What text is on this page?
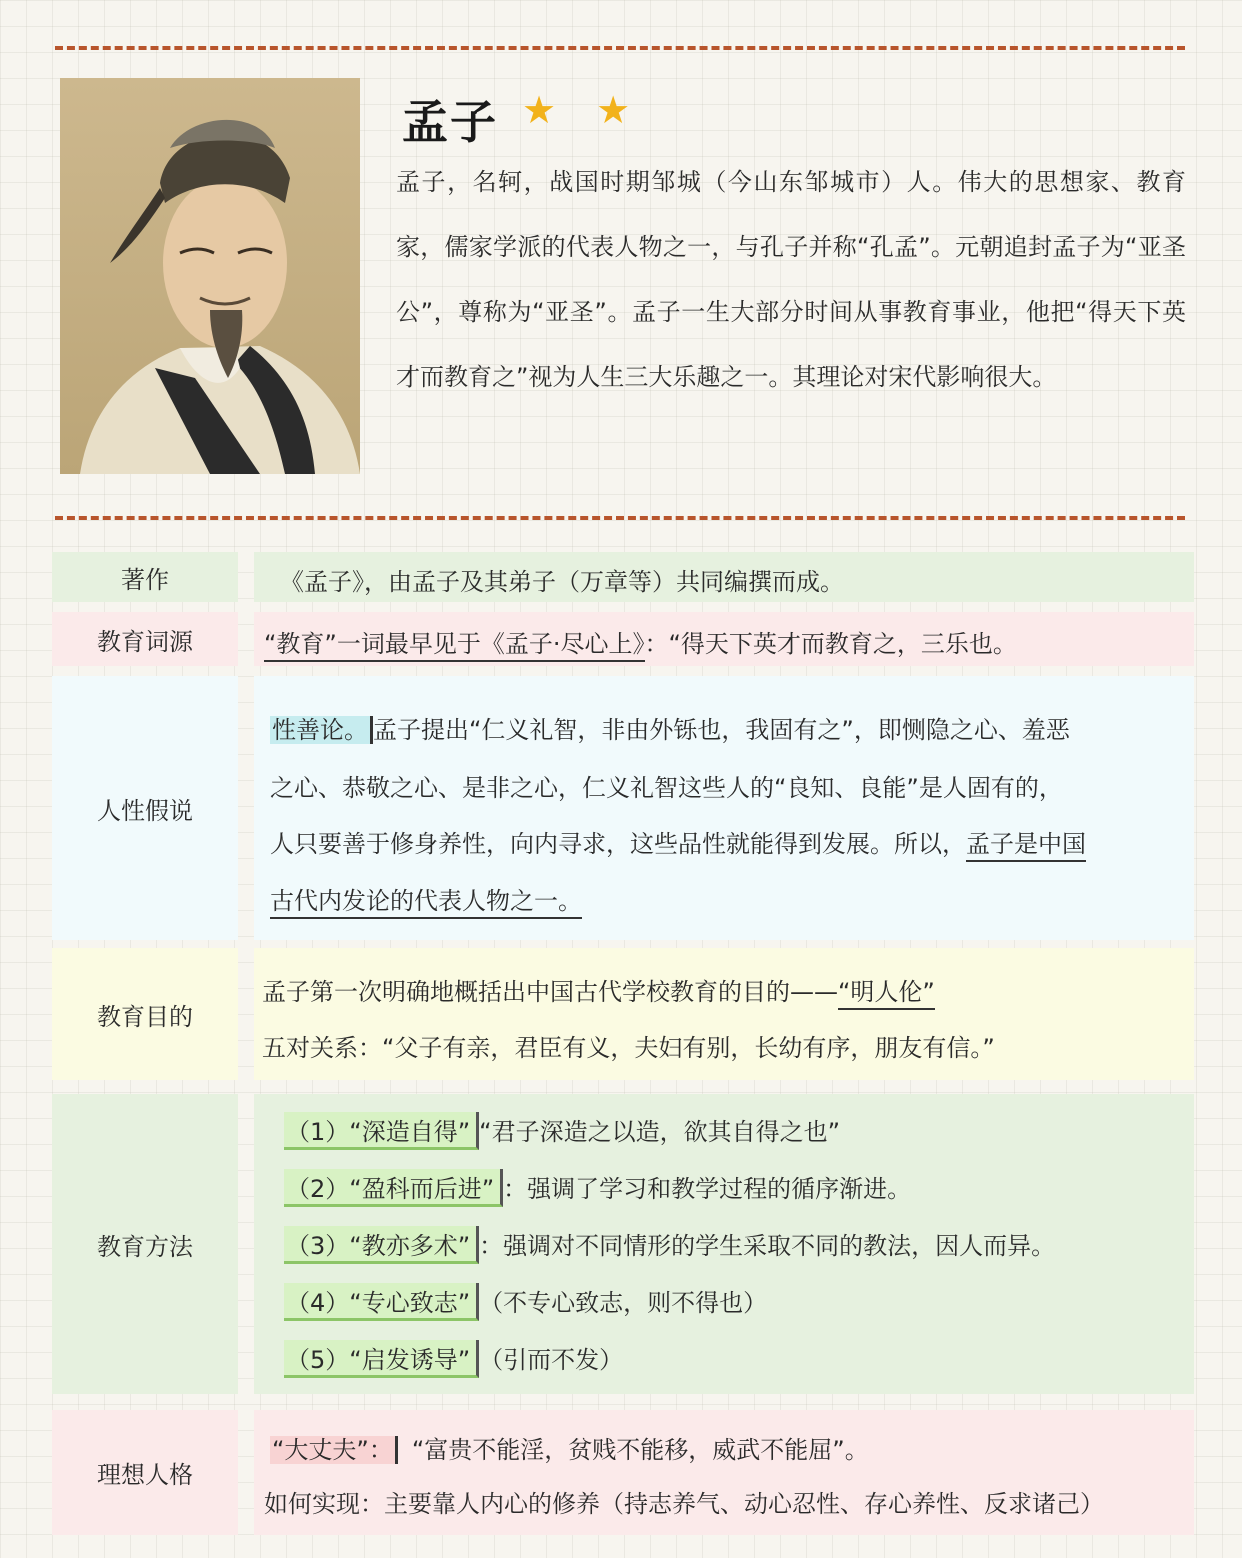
孟子 ★ ★
孟子，名轲，战国时期邹城（今山东邹城市）人。伟大的思想家、教育家，儒家学派的代表人物之一，与孔子并称“孔孟”。元朝追封孟子为“亚圣公”，尊称为“亚圣”。孟子一生大部分时间从事教育事业，他把“得天下英才而教育之”视为人生三大乐趣之一。其理论对宋代影响很大。
著作	《孟子》，由孟子及其弟子（万章等）共同编撰而成。
教育词源	“教育”一词最早见于《孟子·尽心上》：“得天下英才而教育之，三乐也。
人性假说
性善论。 孟子提出“仁义礼智，非由外铄也，我固有之”，即恻隐之心、羞恶
之心、恭敬之心、是非之心，仁义礼智这些人的“良知、良能”是人固有的，
人只要善于修身养性，向内寻求，这些品性就能得到发展。所以，孟子是中国
古代内发论的代表人物之一。
教育目的
孟子第一次明确地概括出中国古代学校教育的目的——“明人伦”
五对关系：“父子有亲，君臣有义，夫妇有别，长幼有序，朋友有信。”
教育方法
（1）“深造自得” “君子深造之以造，欲其自得之也”
（2）“盈科而后进” ：强调了学习和教学过程的循序渐进。
（3）“教亦多术” ：强调对不同情形的学生采取不同的教法，因人而异。
（4）“专心致志” （不专心致志，则不得也）
（5）“启发诱导” （引而不发）
理想人格
“大丈夫”： “富贵不能淫，贫贱不能移，威武不能屈”。
如何实现：主要靠人内心的修养（持志养气、动心忍性、存心养性、反求诸己）
